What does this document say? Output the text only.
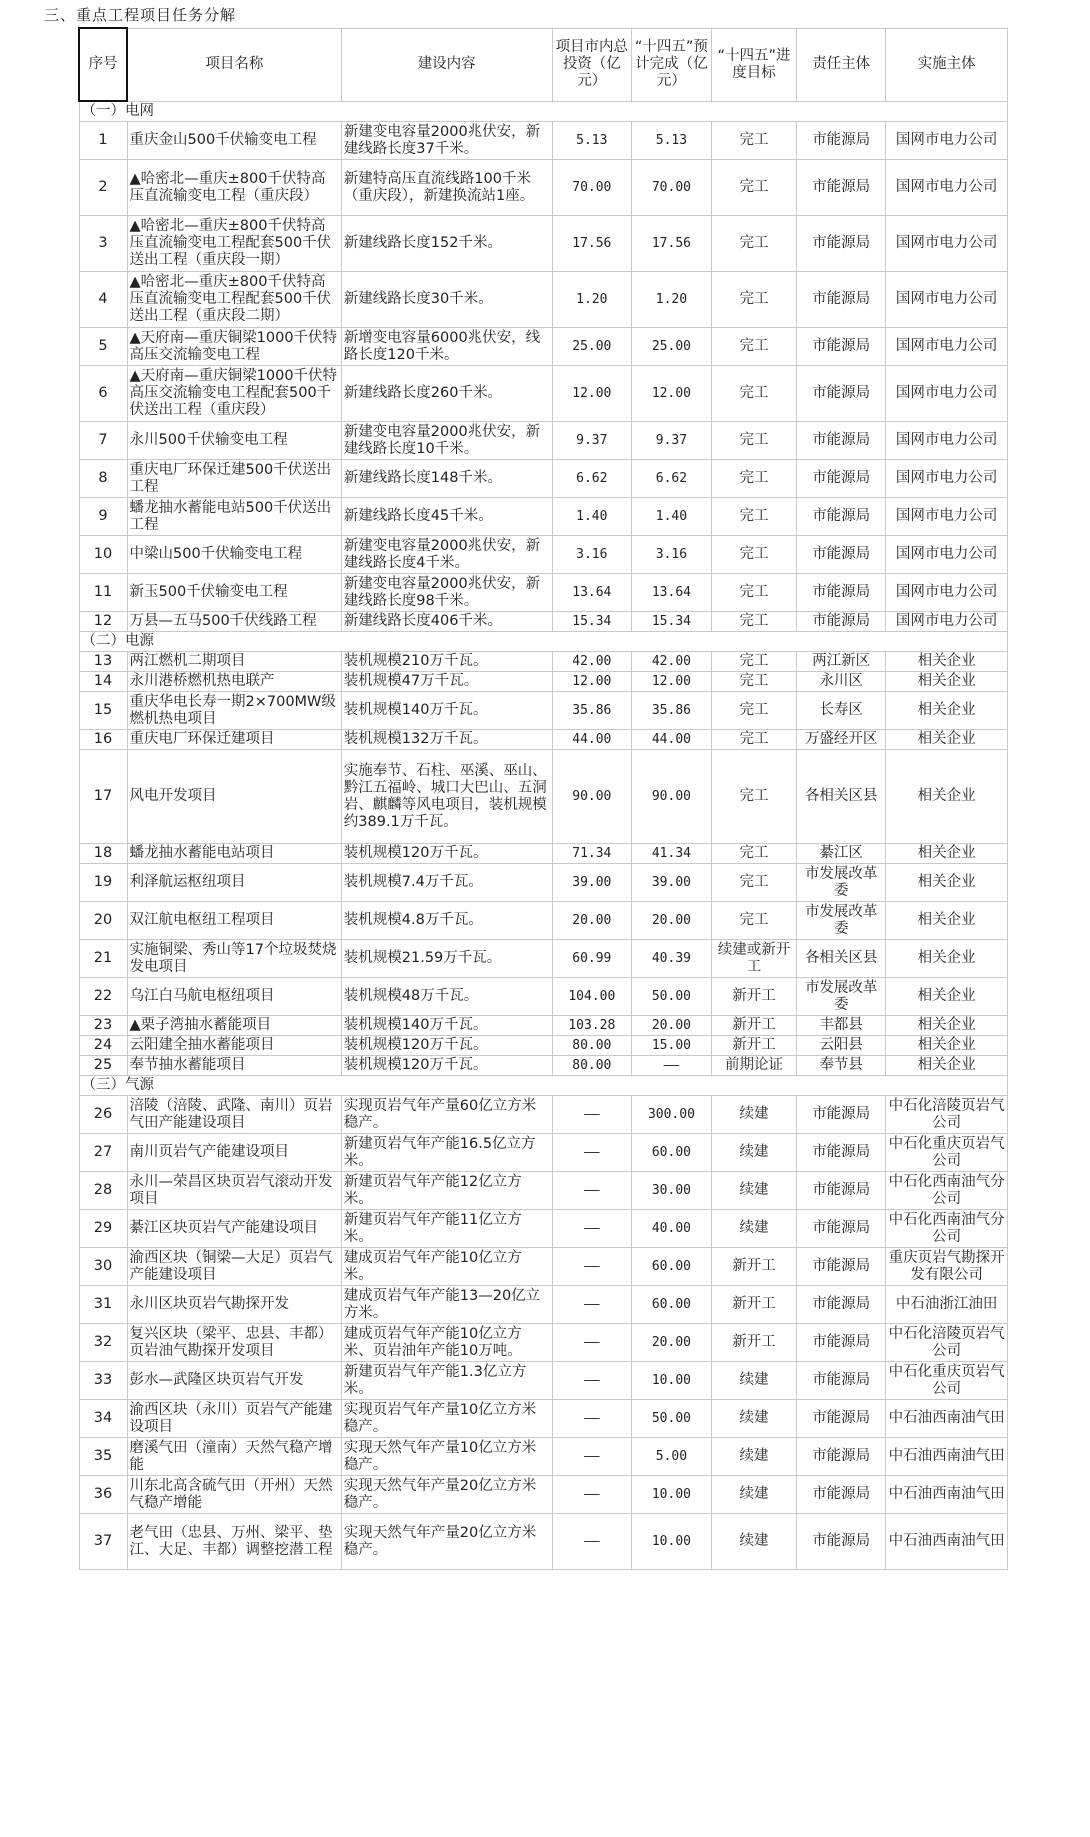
三、重点工程项目任务分解
序号	项目名称	建设内容	项目市内总投资（亿元）	“十四五”预计完成（亿元）	“十四五”进度目标	责任主体	实施主体
（一）电网							
1	重庆金山500千伏输变电工程	新建变电容量2000兆伏安，新建线路长度37千米。	5.13	5.13	完工	市能源局	国网市电力公司
2	▲哈密北—重庆±800千伏特高压直流输变电工程（重庆段）	新建特高压直流线路100千米（重庆段），新建换流站1座。	70.00	70.00	完工	市能源局	国网市电力公司
3	▲哈密北—重庆±800千伏特高压直流输变电工程配套500千伏送出工程（重庆段一期）	新建线路长度152千米。	17.56	17.56	完工	市能源局	国网市电力公司
4	▲哈密北—重庆±800千伏特高压直流输变电工程配套500千伏送出工程（重庆段二期）	新建线路长度30千米。	1.20	1.20	完工	市能源局	国网市电力公司
5	▲天府南—重庆铜梁1000千伏特高压交流输变电工程	新增变电容量6000兆伏安，线路长度120千米。	25.00	25.00	完工	市能源局	国网市电力公司
6	▲天府南—重庆铜梁1000千伏特高压交流输变电工程配套500千伏送出工程（重庆段）	新建线路长度260千米。	12.00	12.00	完工	市能源局	国网市电力公司
7	永川500千伏输变电工程	新建变电容量2000兆伏安，新建线路长度10千米。	9.37	9.37	完工	市能源局	国网市电力公司
8	重庆电厂环保迁建500千伏送出工程	新建线路长度148千米。	6.62	6.62	完工	市能源局	国网市电力公司
9	蟠龙抽水蓄能电站500千伏送出工程	新建线路长度45千米。	1.40	1.40	完工	市能源局	国网市电力公司
10	中梁山500千伏输变电工程	新建变电容量2000兆伏安，新建线路长度4千米。	3.16	3.16	完工	市能源局	国网市电力公司
11	新玉500千伏输变电工程	新建变电容量2000兆伏安，新建线路长度98千米。	13.64	13.64	完工	市能源局	国网市电力公司
12	万县—五马500千伏线路工程	新建线路长度406千米。	15.34	15.34	完工	市能源局	国网市电力公司
（二）电源							
13	两江燃机二期项目	装机规模210万千瓦。	42.00	42.00	完工	两江新区	相关企业
14	永川港桥燃机热电联产	装机规模47万千瓦。	12.00	12.00	完工	永川区	相关企业
15	重庆华电长寿一期2×700MW级燃机热电项目	装机规模140万千瓦。	35.86	35.86	完工	长寿区	相关企业
16	重庆电厂环保迁建项目	装机规模132万千瓦。	44.00	44.00	完工	万盛经开区	相关企业
17	风电开发项目	实施奉节、石柱、巫溪、巫山、黔江五福岭、城口大巴山、五洞岩、麒麟等风电项目，装机规模约389.1万千瓦。	90.00	90.00	完工	各相关区县	相关企业
18	蟠龙抽水蓄能电站项目	装机规模120万千瓦。	71.34	41.34	完工	綦江区	相关企业
19	利泽航运枢纽项目	装机规模7.4万千瓦。	39.00	39.00	完工	市发展改革委	相关企业
20	双江航电枢纽工程项目	装机规模4.8万千瓦。	20.00	20.00	完工	市发展改革委	相关企业
21	实施铜梁、秀山等17个垃圾焚烧发电项目	装机规模21.59万千瓦。	60.99	40.39	续建或新开工	各相关区县	相关企业
22	乌江白马航电枢纽项目	装机规模48万千瓦。	104.00	50.00	新开工	市发展改革委	相关企业
23	▲栗子湾抽水蓄能项目	装机规模140万千瓦。	103.28	20.00	新开工	丰都县	相关企业
24	云阳建全抽水蓄能项目	装机规模120万千瓦。	80.00	15.00	新开工	云阳县	相关企业
25	奉节抽水蓄能项目	装机规模120万千瓦。	80.00	——	前期论证	奉节县	相关企业
（三）气源							
26	涪陵（涪陵、武隆、南川）页岩气田产能建设项目	实现页岩气年产量60亿立方米稳产。	——	300.00	续建	市能源局	中石化涪陵页岩气公司
27	南川页岩气产能建设项目	新建页岩气年产能16.5亿立方米。	——	60.00	续建	市能源局	中石化重庆页岩气公司
28	永川—荣昌区块页岩气滚动开发项目	新建页岩气年产能12亿立方米。	——	30.00	续建	市能源局	中石化西南油气分公司
29	綦江区块页岩气产能建设项目	新建页岩气年产能11亿立方米。	——	40.00	续建	市能源局	中石化西南油气分公司
30	渝西区块（铜梁—大足）页岩气产能建设项目	建成页岩气年产能10亿立方米。	——	60.00	新开工	市能源局	重庆页岩气勘探开发有限公司
31	永川区块页岩气勘探开发	建成页岩气年产能13—20亿立方米。	——	60.00	新开工	市能源局	中石油浙江油田
32	复兴区块（梁平、忠县、丰都）页岩油气勘探开发项目	建成页岩气年产能10亿立方米、页岩油年产能10万吨。	——	20.00	新开工	市能源局	中石化涪陵页岩气公司
33	彭水—武隆区块页岩气开发	新建页岩气年产能1.3亿立方米。	——	10.00	续建	市能源局	中石化重庆页岩气公司
34	渝西区块（永川）页岩气产能建设项目	实现页岩气年产量10亿立方米稳产。	——	50.00	续建	市能源局	中石油西南油气田
35	磨溪气田（潼南）天然气稳产增能	实现天然气年产量10亿立方米稳产。	——	5.00	续建	市能源局	中石油西南油气田
36	川东北高含硫气田（开州）天然气稳产增能	实现天然气年产量20亿立方米稳产。	——	10.00	续建	市能源局	中石油西南油气田
37	老气田（忠县、万州、梁平、垫江、大足、丰都）调整挖潜工程	实现天然气年产量20亿立方米稳产。	——	10.00	续建	市能源局	中石油西南油气田
